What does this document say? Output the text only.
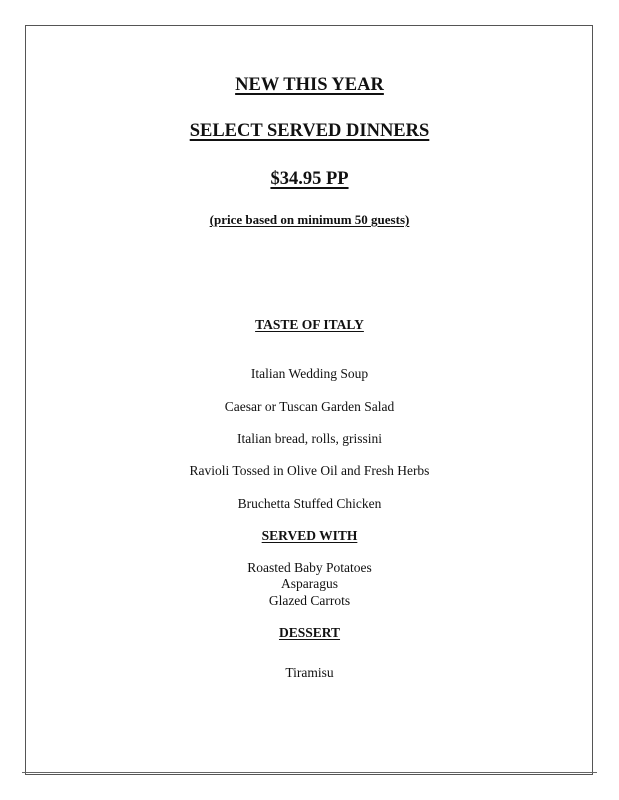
NEW THIS YEAR

SELECT SERVED DINNERS

$34.95 PP

(price based on minimum 50 guests)

TASTE OF ITALY

Italian Wedding Soup

Caesar or Tuscan Garden Salad

Italian bread, rolls, grissini

Ravioli Tossed in Olive Oil and Fresh Herbs

Bruchetta Stuffed Chicken

SERVED WITH

Roasted Baby Potatoes

Asparagus

Glazed Carrots

DESSERT

Tiramisu
